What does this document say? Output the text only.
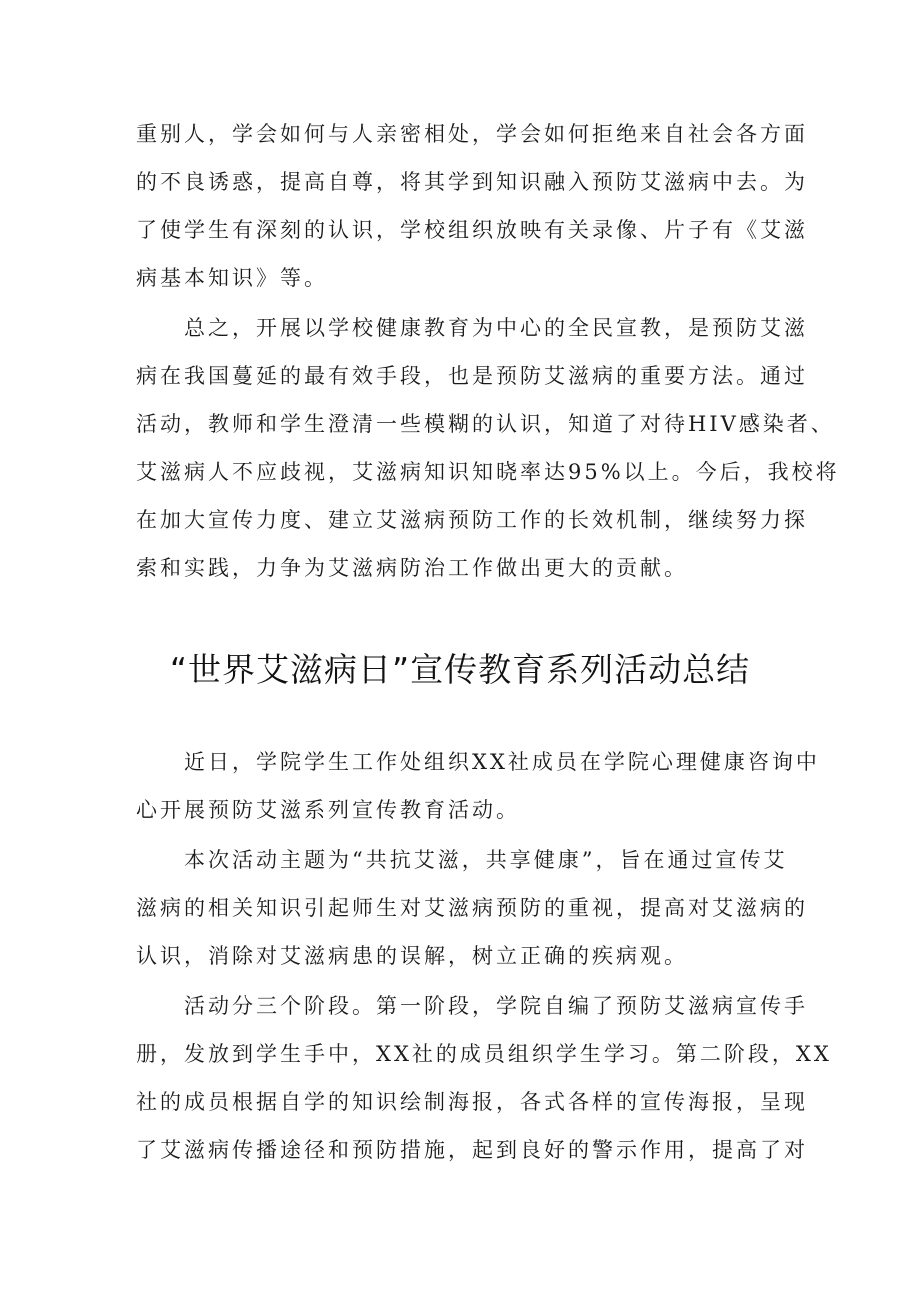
重别人，学会如何与人亲密相处，学会如何拒绝来自社会各方面
的不良诱惑，提高自尊，将其学到知识融入预防艾滋病中去。为
了使学生有深刻的认识，学校组织放映有关录像、片子有《艾滋
病基本知识》等。
总之，开展以学校健康教育为中心的全民宣教，是预防艾滋
病在我国蔓延的最有效手段，也是预防艾滋病的重要方法。通过
活动，教师和学生澄清一些模糊的认识，知道了对待HIV感染者、
艾滋病人不应歧视，艾滋病知识知晓率达95%以上。今后，我校将
在加大宣传力度、建立艾滋病预防工作的长效机制，继续努力探
索和实践，力争为艾滋病防治工作做出更大的贡献。
“世界艾滋病日”宣传教育系列活动总结
近日，学院学生工作处组织XX社成员在学院心理健康咨询中
心开展预防艾滋系列宣传教育活动。
本次活动主题为“共抗艾滋，共享健康”，旨在通过宣传艾
滋病的相关知识引起师生对艾滋病预防的重视，提高对艾滋病的
认识，消除对艾滋病患的误解，树立正确的疾病观。
活动分三个阶段。第一阶段，学院自编了预防艾滋病宣传手
册，发放到学生手中，XX社的成员组织学生学习。第二阶段，XX
社的成员根据自学的知识绘制海报，各式各样的宣传海报，呈现
了艾滋病传播途径和预防措施，起到良好的警示作用，提高了对
